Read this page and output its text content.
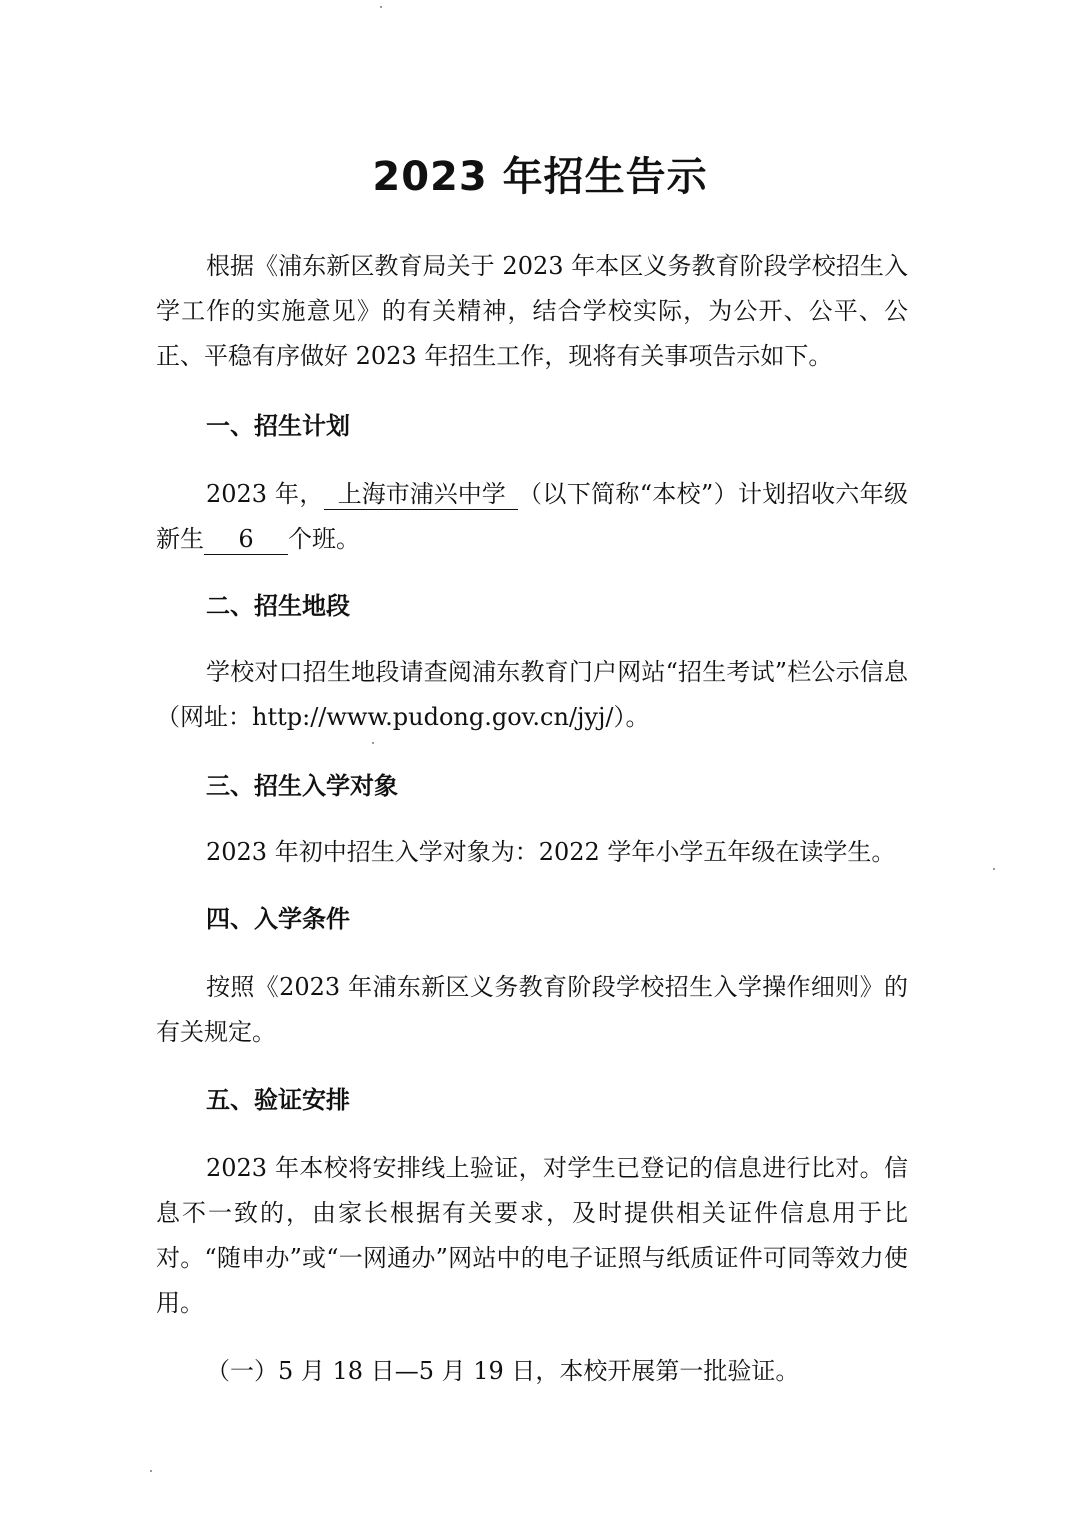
2023 年招生告示

根据《浦东新区教育局关于 2023 年本区义务教育阶段学校招生入学工作的实施意见》的有关精神，结合学校实际，为公开、公平、公正、平稳有序做好 2023 年招生工作，现将有关事项告示如下。

一、招生计划

2023 年， 上海市浦兴中学 （以下简称“本校”）计划招收六年级新生 6 个班。

二、招生地段

学校对口招生地段请查阅浦东教育门户网站“招生考试”栏公示信息（网址：http://www.pudong.gov.cn/jyj/）。

三、招生入学对象

2023 年初中招生入学对象为：2022 学年小学五年级在读学生。

四、入学条件

按照《2023 年浦东新区义务教育阶段学校招生入学操作细则》的有关规定。

五、验证安排

2023 年本校将安排线上验证，对学生已登记的信息进行比对。信息不一致的，由家长根据有关要求，及时提供相关证件信息用于比对。“随申办”或“一网通办”网站中的电子证照与纸质证件可同等效力使用。

（一）5 月 18 日—5 月 19 日，本校开展第一批验证。
